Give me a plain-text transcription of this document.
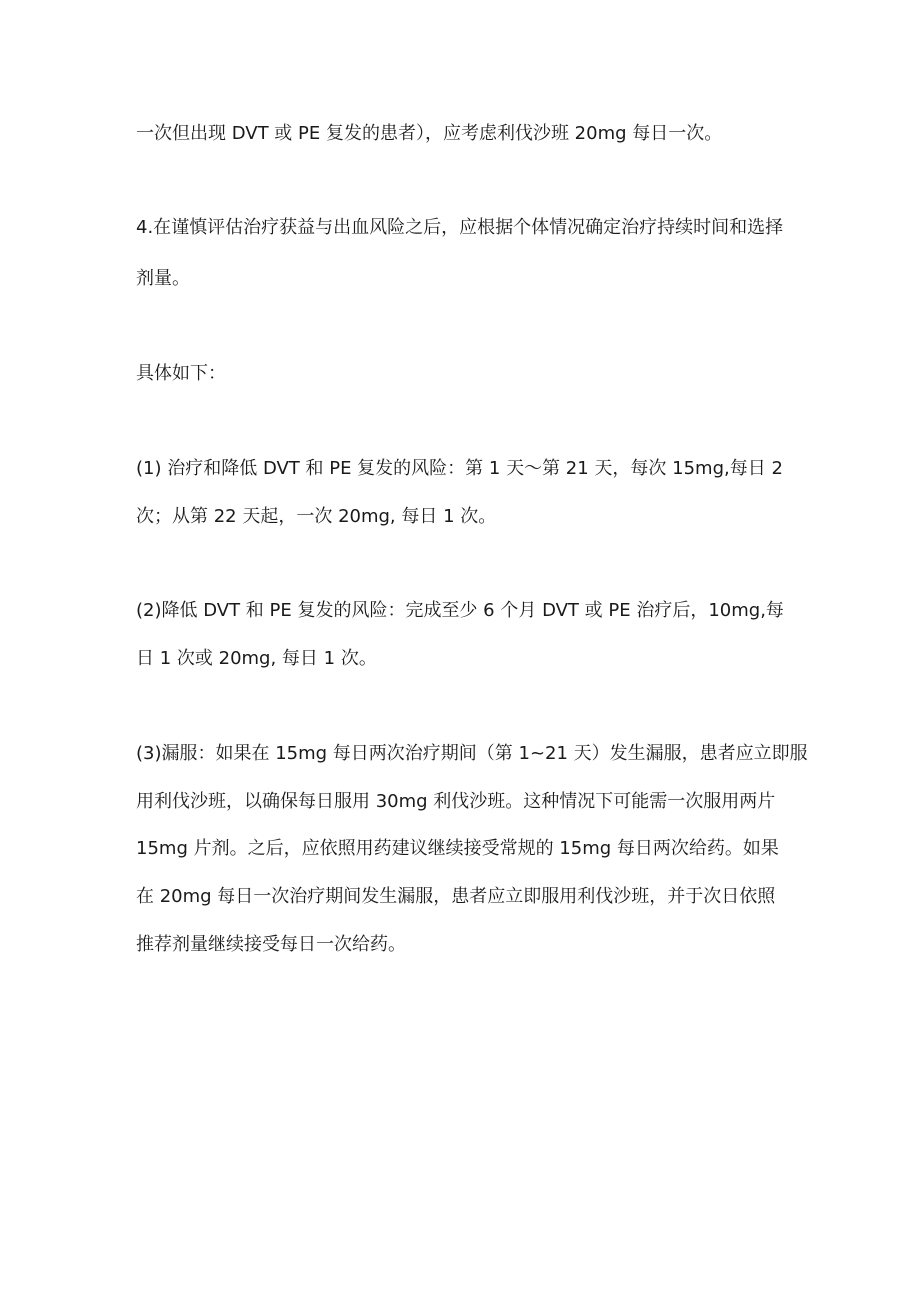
一次但出现 DVT 或 PE 复发的患者），应考虑利伐沙班 20mg 每日一次。
4.在谨慎评估治疗获益与出血风险之后，应根据个体情况确定治疗持续时间和选择
剂量。
具体如下：
(1) 治疗和降低 DVT 和 PE 复发的风险：第 1 天～第 21 天，每次 15mg,每日 2
次；从第 22 天起，一次 20mg, 每日 1 次。
(2)降低 DVT 和 PE 复发的风险：完成至少 6 个月 DVT 或 PE 治疗后，10mg,每
日 1 次或 20mg, 每日 1 次。
(3)漏服：如果在 15mg 每日两次治疗期间（第 1~21 天）发生漏服，患者应立即服
用利伐沙班，以确保每日服用 30mg 利伐沙班。这种情况下可能需一次服用两片
15mg 片剂。之后，应依照用药建议继续接受常规的 15mg 每日两次给药。如果
在 20mg 每日一次治疗期间发生漏服，患者应立即服用利伐沙班，并于次日依照
推荐剂量继续接受每日一次给药。
